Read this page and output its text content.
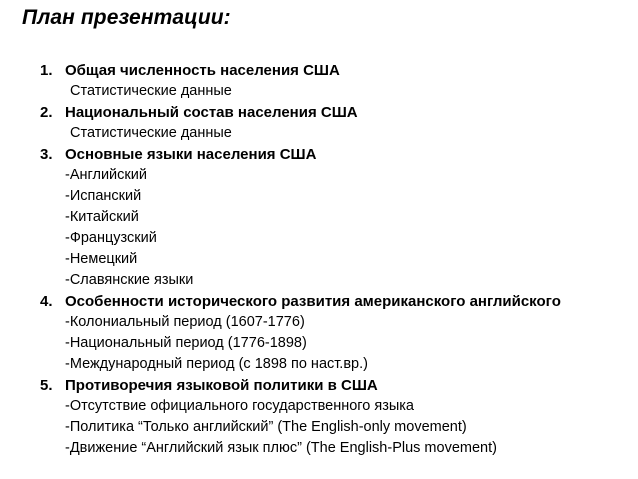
План презентации:
1. Общая численность населения США
Статистические данные
2. Национальный состав населения США
Статистические данные
3. Основные языки населения США
-Английский
-Испанский
-Китайский
-Французский
-Немецкий
-Славянские языки
4. Особенности исторического развития американского английского
-Колониальный период (1607-1776)
-Национальный период (1776-1898)
-Международный период (с 1898 по наст.вр.)
5. Противоречия языковой политики в США
-Отсутствие официального государственного языка
-Политика “Только английский” (The English-only movement)
-Движение “Английский язык плюс” (The English-Plus movement)
